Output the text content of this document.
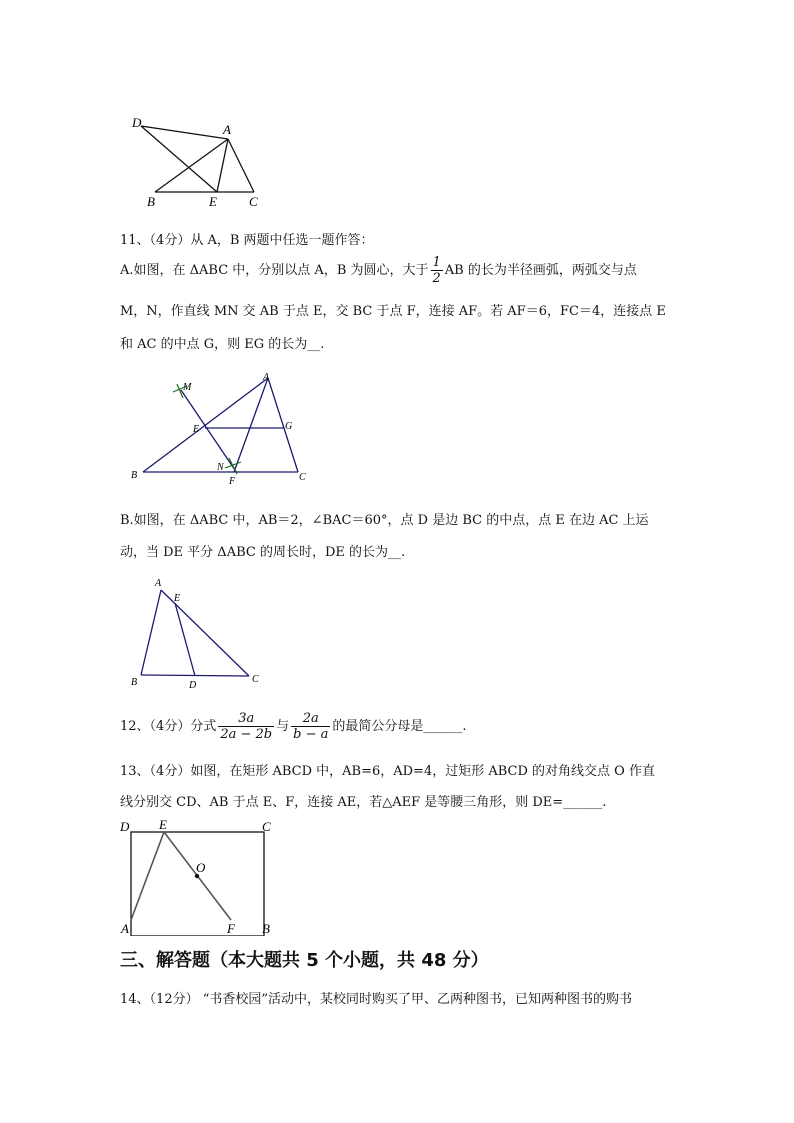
D	A
B	E C
11、（4分）从 A，B 两题中任选一题作答：
A.如图，在 ΔABC 中，分别以点 A，B 为圆心，大于 $\frac{1}{2}$ AB 的长为半径画弧，两弧交与点
M，N，作直线 MN 交 AB 于点 E，交 BC 于点 F，连接 AF。若 AF＝6，FC＝4，连接点 E
和 AC 的中点 G，则 EG 的长为__.
M
A
E	G
B
N
F	C
B.如图，在 ΔABC 中，AB＝2，∠BAC＝60°，点 D 是边 BC 的中点，点 E 在边 AC 上运
动，当 DE 平分 ΔABC 的周长时，DE 的长为__.
A
E
B	D
C
12、（4分）分式 $\frac{3a}{2a - 2b}$ 与 $\frac{2a}{b - a}$ 的最简公分母是______.
13、（4分）如图，在矩形 ABCD 中，AB=6，AD=4，过矩形 ABCD 的对角线交点 O 作直
线分别交 CD、AB 于点 E、F，连接 AE，若△AEF 是等腰三角形，则 DE=______.
D E	C
O
A	F B
三、解答题（本大题共 5 个小题，共 48 分）
14、（12分） “书香校园”活动中，某校同时购买了甲、乙两种图书，已知两种图书的购书
